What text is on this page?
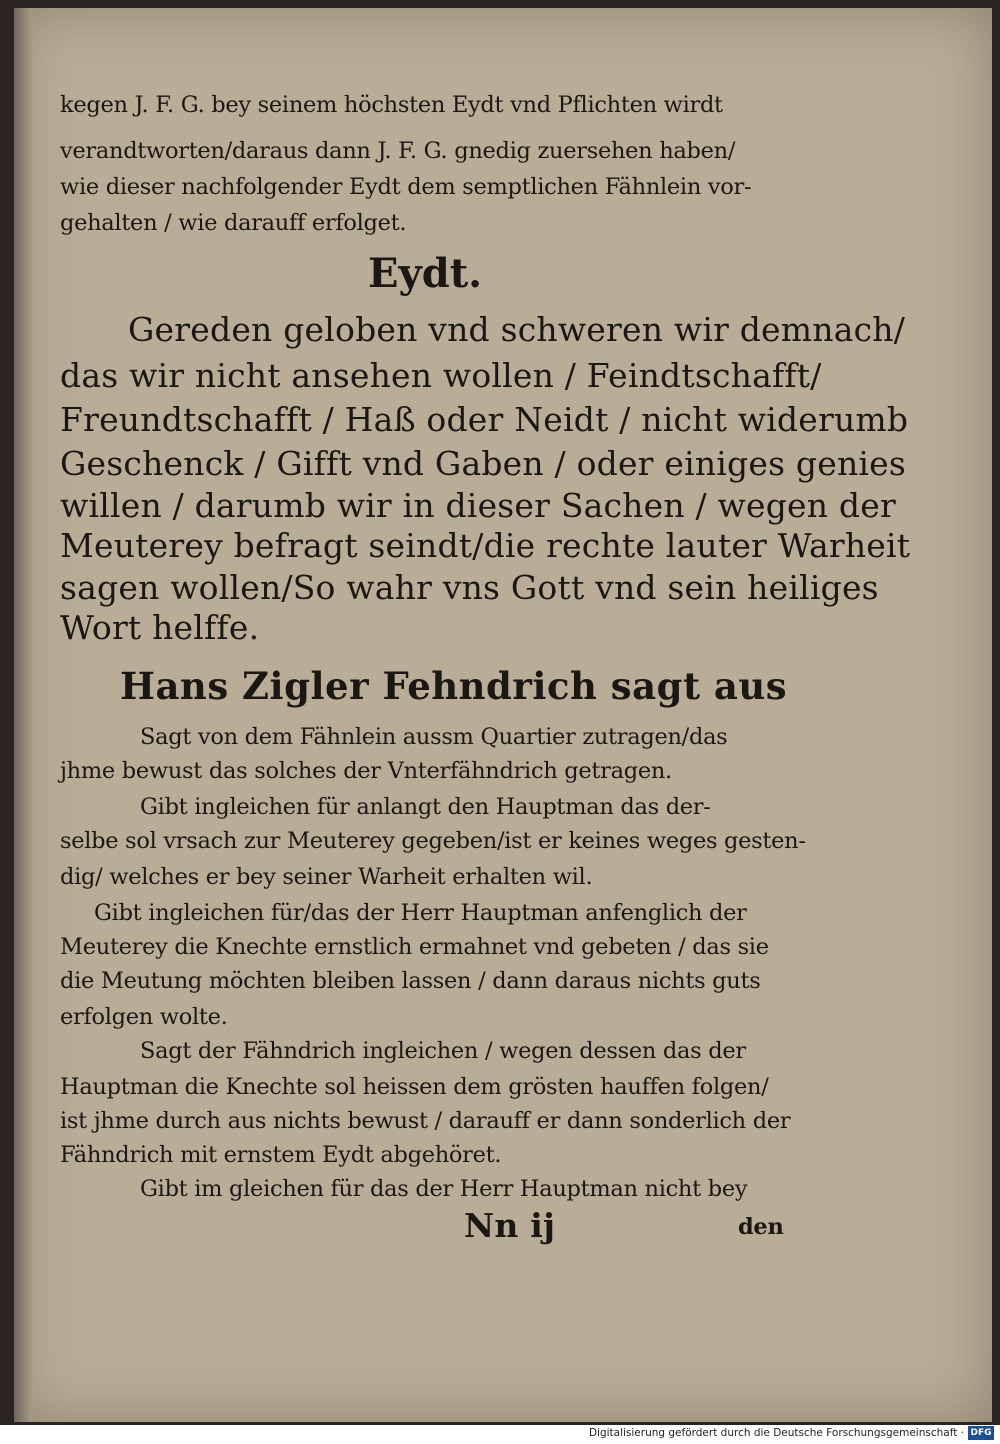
kegen J. F. G. bey seinem höchsten Eydt vnd Pflichten wirdt
verandtworten/daraus dann J. F. G. gnedig zuersehen haben/
wie dieser nachfolgender Eydt dem semptlichen Fähnlein vor-
gehalten / wie darauff erfolget.
Eydt.
Gereden geloben vnd schweren wir demnach/
das wir nicht ansehen wollen / Feindtschafft/
Freundtschafft / Haß oder Neidt / nicht widerumb
Geschenck / Gifft vnd Gaben / oder einiges genies
willen / darumb wir in dieser Sachen / wegen der
Meuterey befragt seindt/die rechte lauter Warheit
sagen wollen/So wahr vns Gott vnd sein heiliges
Wort helffe.
Hans Zigler Fehndrich sagt aus
Sagt von dem Fähnlein aussm Quartier zutragen/das
jhme bewust das solches der Vnterfähndrich getragen.
Gibt ingleichen für anlangt den Hauptman das der-
selbe sol vrsach zur Meuterey gegeben/ist er keines weges gesten-
dig/ welches er bey seiner Warheit erhalten wil.
Gibt ingleichen für/das der Herr Hauptman anfenglich der
Meuterey die Knechte ernstlich ermahnet vnd gebeten / das sie
die Meutung möchten bleiben lassen / dann daraus nichts guts
erfolgen wolte.
Sagt der Fähndrich ingleichen / wegen dessen das der
Hauptman die Knechte sol heissen dem grösten hauffen folgen/
ist jhme durch aus nichts bewust / darauff er dann sonderlich der
Fähndrich mit ernstem Eydt abgehöret.
Gibt im gleichen für das der Herr Hauptman nicht bey
Nn ij	den
Digitalisierung gefördert durch die Deutsche Forschungsgemeinschaft · DFG
